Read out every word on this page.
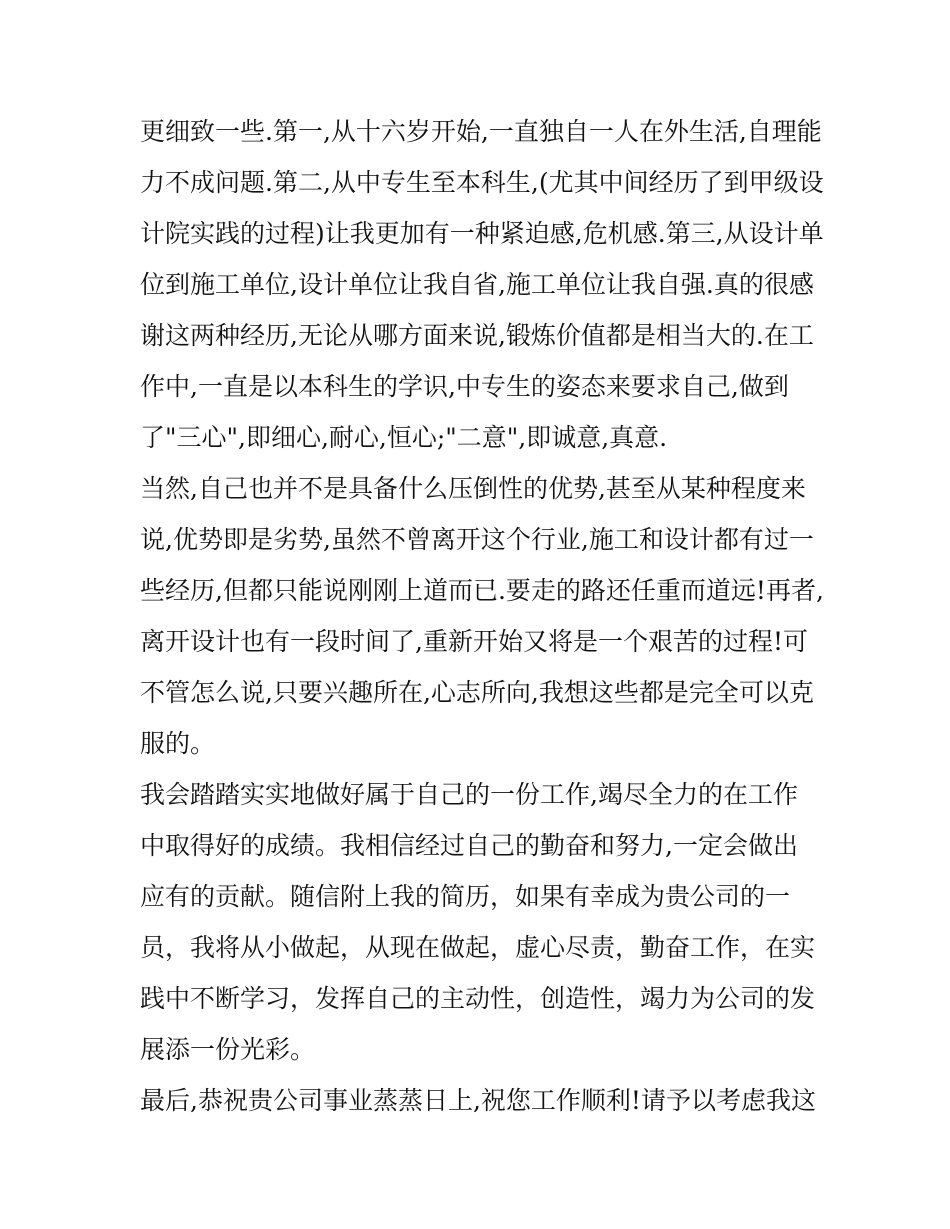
更细致一些.第一,从十六岁开始,一直独自一人在外生活,自理能
力不成问题.第二,从中专生至本科生,(尤其中间经历了到甲级设
计院实践的过程)让我更加有一种紧迫感,危机感.第三,从设计单
位到施工单位,设计单位让我自省,施工单位让我自强.真的很感
谢这两种经历,无论从哪方面来说,锻炼价值都是相当大的.在工
作中,一直是以本科生的学识,中专生的姿态来要求自己,做到
了"三心",即细心,耐心,恒心;"二意",即诚意,真意.
当然,自己也并不是具备什么压倒性的优势,甚至从某种程度来
说,优势即是劣势,虽然不曾离开这个行业,施工和设计都有过一
些经历,但都只能说刚刚上道而已.要走的路还任重而道远!再者,
离开设计也有一段时间了,重新开始又将是一个艰苦的过程!可
不管怎么说,只要兴趣所在,心志所向,我想这些都是完全可以克
服的。
我会踏踏实实地做好属于自己的一份工作,竭尽全力的在工作
中取得好的成绩。我相信经过自己的勤奋和努力,一定会做出
应有的贡献。随信附上我的简历，如果有幸成为贵公司的一
员，我将从小做起，从现在做起，虚心尽责，勤奋工作，在实
践中不断学习，发挥自己的主动性，创造性，竭力为公司的发
展添一份光彩。
最后,恭祝贵公司事业蒸蒸日上,祝您工作顺利!请予以考虑我这
